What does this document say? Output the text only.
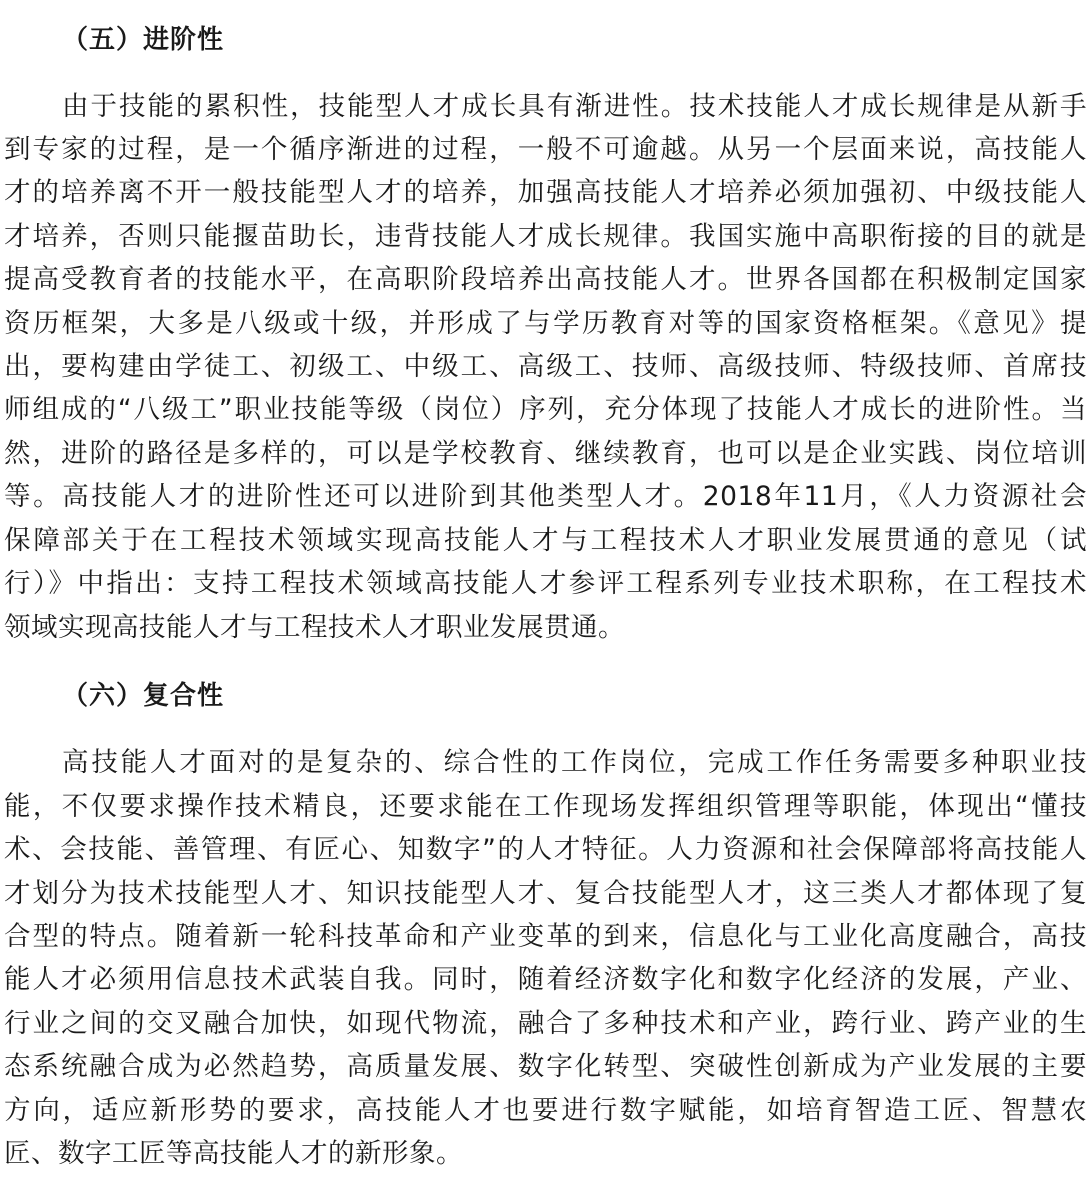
（五）进阶性
由于技能的累积性，技能型人才成长具有渐进性。技术技能人才成长规律是从新手
到专家的过程，是一个循序渐进的过程，一般不可逾越。从另一个层面来说，高技能人
才的培养离不开一般技能型人才的培养，加强高技能人才培养必须加强初、中级技能人
才培养，否则只能揠苗助长，违背技能人才成长规律。我国实施中高职衔接的目的就是
提高受教育者的技能水平，在高职阶段培养出高技能人才。世界各国都在积极制定国家
资历框架，大多是八级或十级，并形成了与学历教育对等的国家资格框架。《意见》提
出，要构建由学徒工、初级工、中级工、高级工、技师、高级技师、特级技师、首席技
师组成的“八级工”职业技能等级（岗位）序列，充分体现了技能人才成长的进阶性。当
然，进阶的路径是多样的，可以是学校教育、继续教育，也可以是企业实践、岗位培训
等。高技能人才的进阶性还可以进阶到其他类型人才。2018年11月，《人力资源社会
保障部关于在工程技术领域实现高技能人才与工程技术人才职业发展贯通的意见（试
行）》中指出：支持工程技术领域高技能人才参评工程系列专业技术职称，在工程技术
领域实现高技能人才与工程技术人才职业发展贯通。
（六）复合性
高技能人才面对的是复杂的、综合性的工作岗位，完成工作任务需要多种职业技
能，不仅要求操作技术精良，还要求能在工作现场发挥组织管理等职能，体现出“懂技
术、会技能、善管理、有匠心、知数字”的人才特征。人力资源和社会保障部将高技能人
才划分为技术技能型人才、知识技能型人才、复合技能型人才，这三类人才都体现了复
合型的特点。随着新一轮科技革命和产业变革的到来，信息化与工业化高度融合，高技
能人才必须用信息技术武装自我。同时，随着经济数字化和数字化经济的发展，产业、
行业之间的交叉融合加快，如现代物流，融合了多种技术和产业，跨行业、跨产业的生
态系统融合成为必然趋势，高质量发展、数字化转型、突破性创新成为产业发展的主要
方向，适应新形势的要求，高技能人才也要进行数字赋能，如培育智造工匠、智慧农
匠、数字工匠等高技能人才的新形象。
